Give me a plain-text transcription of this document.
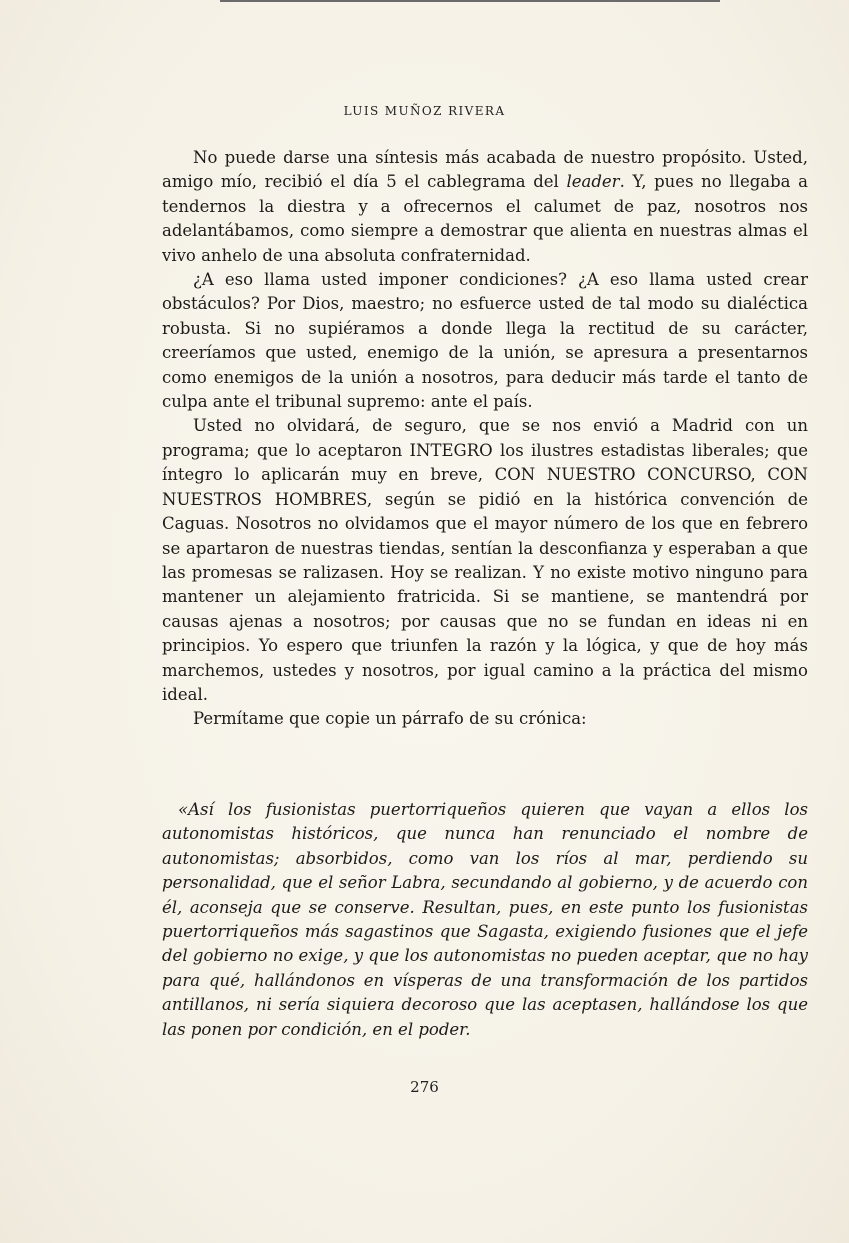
LUIS MUÑOZ RIVERA

No puede darse una síntesis más acabada de nuestro propósito. Usted, amigo mío, recibió el día 5 el cablegrama del leader. Y, pues no llegaba a tendernos la diestra y a ofrecernos el calumet de paz, nosotros nos adelantábamos, como siempre a demostrar que alienta en nuestras almas el vivo anhelo de una absoluta confraternidad.

¿A eso llama usted imponer condiciones? ¿A eso llama usted crear obstáculos? Por Dios, maestro; no esfuerce usted de tal modo su dialéctica robusta. Si no supiéramos a donde llega la rectitud de su carácter, creeríamos que usted, enemigo de la unión, se apresura a presentarnos como enemigos de la unión a nosotros, para deducir más tarde el tanto de culpa ante el tribunal supremo: ante el país.

Usted no olvidará, de seguro, que se nos envió a Madrid con un programa; que lo aceptaron INTEGRO los ilustres estadistas liberales; que íntegro lo aplicarán muy en breve, CON NUESTRO CONCURSO, CON NUESTROS HOMBRES, según se pidió en la histórica convención de Caguas. Nosotros no olvidamos que el mayor número de los que en febrero se apartaron de nuestras tiendas, sentían la desconfianza y esperaban a que las promesas se ralizasen. Hoy se realizan. Y no existe motivo ninguno para mantener un alejamiento fratricida. Si se mantiene, se mantendrá por causas ajenas a nosotros; por causas que no se fundan en ideas ni en principios. Yo espero que triunfen la razón y la lógica, y que de hoy más marchemos, ustedes y nosotros, por igual camino a la práctica del mismo ideal.

Permítame que copie un párrafo de su crónica:

«Así los fusionistas puertorriqueños quieren que vayan a ellos los autonomistas históricos, que nunca han renunciado el nombre de autonomistas; absorbidos, como van los ríos al mar, perdiendo su personalidad, que el señor Labra, secundando al gobierno, y de acuerdo con él, aconseja que se conserve. Resultan, pues, en este punto los fusionistas puertorriqueños más sagastinos que Sagasta, exigiendo fusiones que el jefe del gobierno no exige, y que los autonomistas no pueden aceptar, que no hay para qué, hallándonos en vísperas de una transformación de los partidos antillanos, ni sería siquiera decoroso que las aceptasen, hallándose los que las ponen por condición, en el poder.
276
